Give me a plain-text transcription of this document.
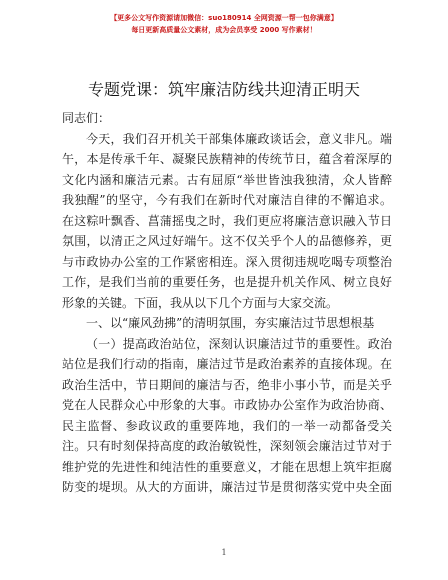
【更多公文写作资源请加微信：suo180914 全网资源一帮一包你满意】
每日更新高质量公文素材，成为会员享受 2000 写作素材！
专题党课：筑牢廉洁防线共迎清正明天
同志们：
今天，我们召开机关干部集体廉政谈话会，意义非凡。端
午，本是传承千年、凝聚民族精神的传统节日，蕴含着深厚的
文化内涵和廉洁元素。古有屈原“举世皆浊我独清，众人皆醉
我独醒”的坚守，今有我们在新时代对廉洁自律的不懈追求。
在这粽叶飘香、菖蒲摇曳之时，我们更应将廉洁意识融入节日
氛围，以清正之风过好端午。这不仅关乎个人的品德修养，更
与市政协办公室的工作紧密相连。深入贯彻违规吃喝专项整治
工作，是我们当前的重要任务，也是提升机关作风、树立良好
形象的关键。下面，我从以下几个方面与大家交流。
一、以“廉风劲拂”的清明氛围，夯实廉洁过节思想根基
（一）提高政治站位，深刻认识廉洁过节的重要性。政治
站位是我们行动的指南，廉洁过节是政治素养的直接体现。在
政治生活中，节日期间的廉洁与否，绝非小事小节，而是关乎
党在人民群众心中形象的大事。市政协办公室作为政治协商、
民主监督、参政议政的重要阵地，我们的一举一动都备受关
注。只有时刻保持高度的政治敏锐性，深刻领会廉洁过节对于
维护党的先进性和纯洁性的重要意义，才能在思想上筑牢拒腐
防变的堤坝。从大的方面讲，廉洁过节是贯彻落实党中央全面
1
